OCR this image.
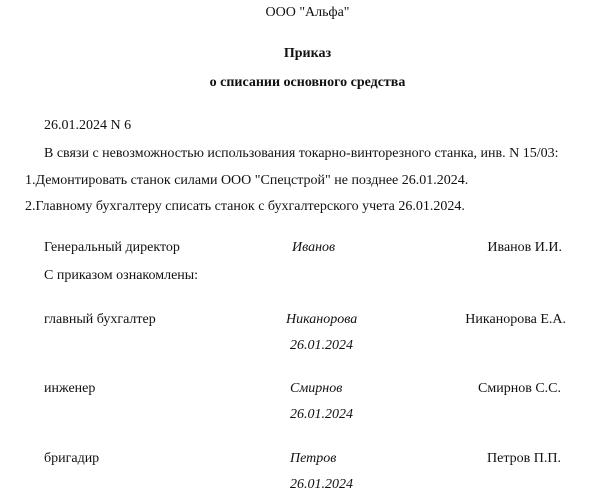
ООО "Альфа"
Приказ
о списании основного средства
26.01.2024 N 6
В связи с невозможностью использования токарно-винторезного станка, инв. N 15/03:
1.Демонтировать станок силами ООО "Спецстрой" не позднее 26.01.2024.
2.Главному бухгалтеру списать станок с бухгалтерского учета 26.01.2024.
Генеральный директор	Иванов	Иванов И.И.
С приказом ознакомлены:
главный бухгалтер	Никанорова	Никанорова Е.А.
26.01.2024
инженер	Смирнов	Смирнов С.С.
26.01.2024
бригадир	Петров	Петров П.П.
26.01.2024
